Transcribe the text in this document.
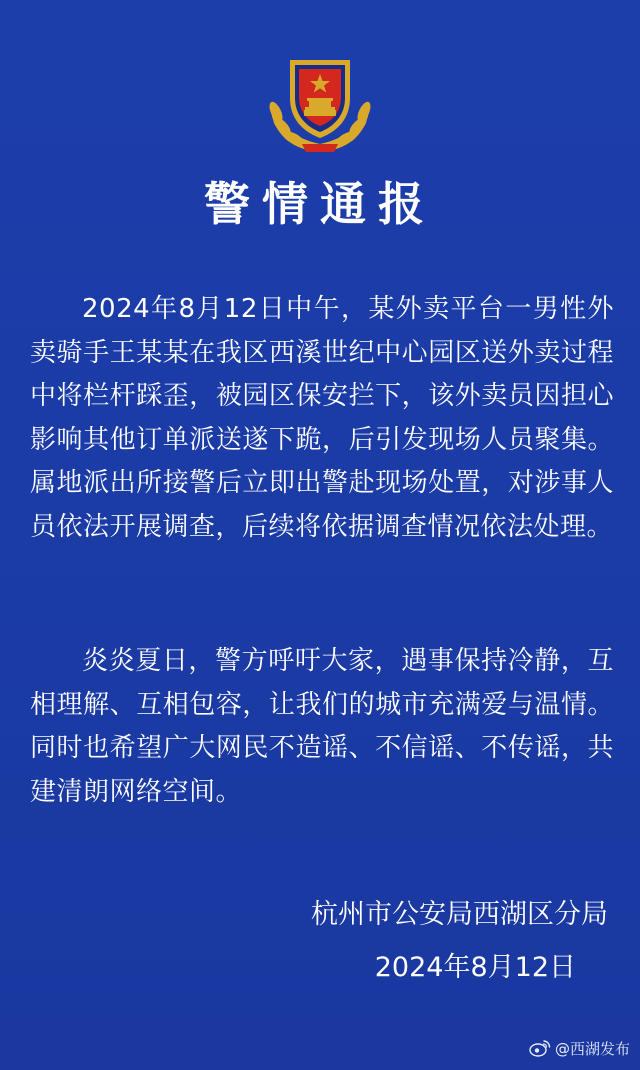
警情通报

2024年8月12日中午，某外卖平台一男性外卖骑手王某某在我区西溪世纪中心园区送外卖过程中将栏杆踩歪，被园区保安拦下，该外卖员因担心影响其他订单派送遂下跪，后引发现场人员聚集。属地派出所接警后立即出警赴现场处置，对涉事人员依法开展调查，后续将依据调查情况依法处理。

炎炎夏日，警方呼吁大家，遇事保持冷静，互相理解、互相包容，让我们的城市充满爱与温情。同时也希望广大网民不造谣、不信谣、不传谣，共建清朗网络空间。

杭州市公安局西湖区分局
2024年8月12日
@西湖发布
